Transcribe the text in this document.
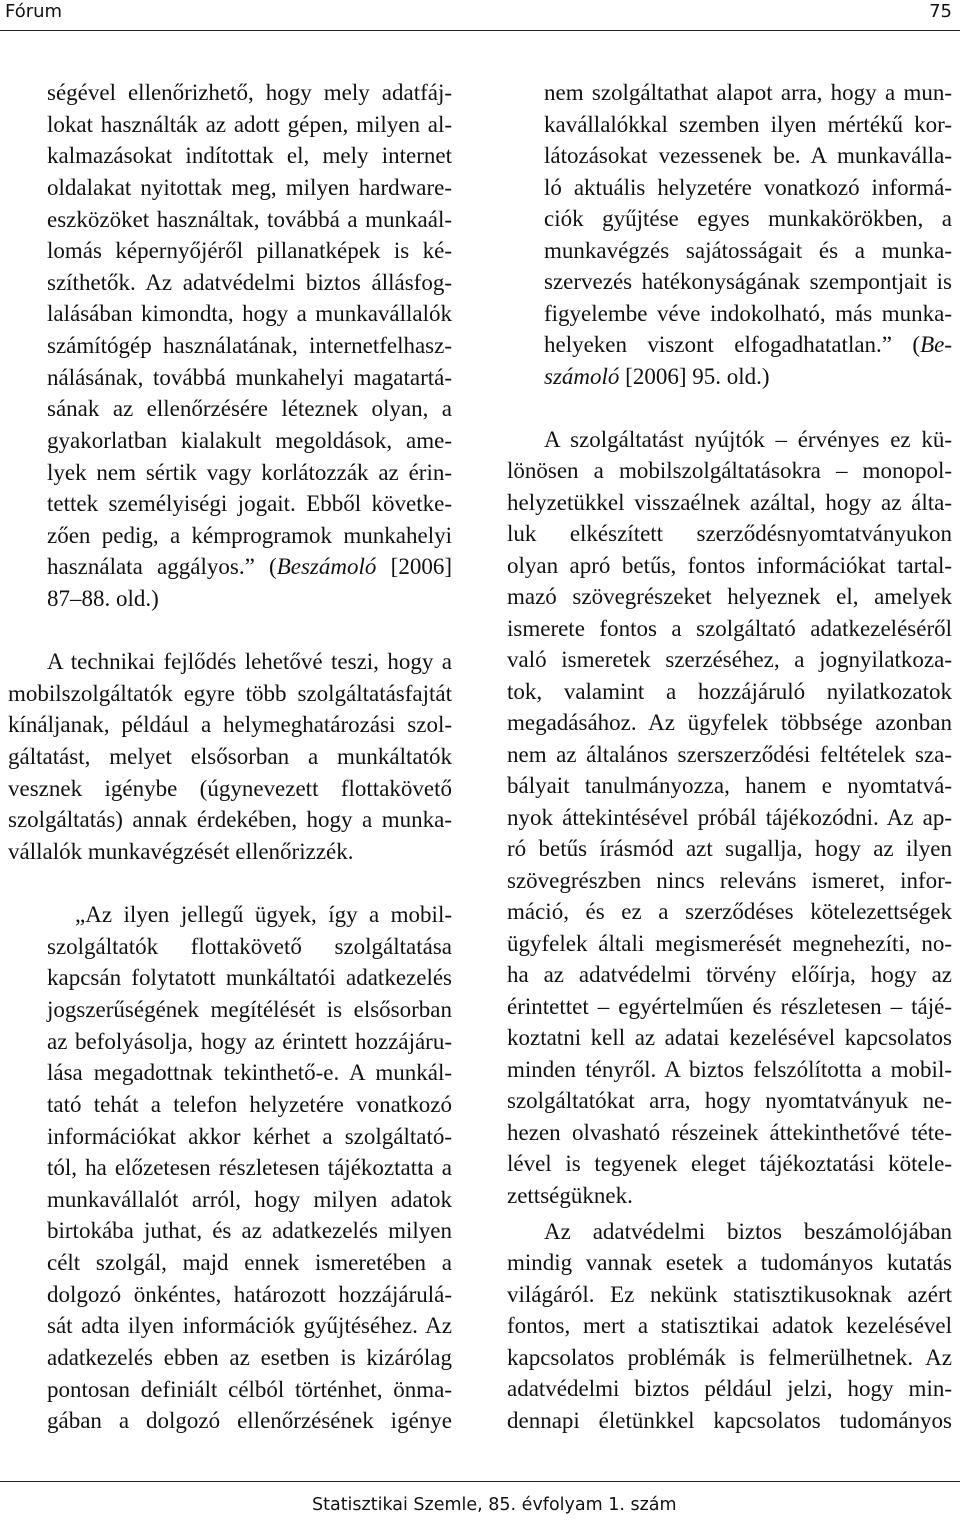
Fórum	75
ségével ellenőrizhető, hogy mely adatfáj-
lokat használták az adott gépen, milyen al-
kalmazásokat indítottak el, mely internet
oldalakat nyitottak meg, milyen hardware-
eszközöket használtak, továbbá a munkaál-
lomás képernyőjéről pillanatképek is ké-
szíthetők. Az adatvédelmi biztos állásfog-
lalásában kimondta, hogy a munkavállalók
számítógép használatának, internetfelhasz-
nálásának, továbbá munkahelyi magatartá-
sának az ellenőrzésére léteznek olyan, a
gyakorlatban kialakult megoldások, ame-
lyek nem sértik vagy korlátozzák az érin-
tettek személyiségi jogait. Ebből követke-
zően pedig, a kémprogramok munkahelyi
használata aggályos.” (Beszámoló [2006]
87–88. old.)
A technikai fejlődés lehetővé teszi, hogy a
mobilszolgáltatók egyre több szolgáltatásfajtát
kínáljanak, például a helymeghatározási szol-
gáltatást, melyet elsősorban a munkáltatók
vesznek igénybe (úgynevezett flottakövető
szolgáltatás) annak érdekében, hogy a munka-
vállalók munkavégzését ellenőrizzék.
„Az ilyen jellegű ügyek, így a mobil-
szolgáltatók flottakövető szolgáltatása
kapcsán folytatott munkáltatói adatkezelés
jogszerűségének megítélését is elsősorban
az befolyásolja, hogy az érintett hozzájáru-
lása megadottnak tekinthető-e. A munkál-
tató tehát a telefon helyzetére vonatkozó
információkat akkor kérhet a szolgáltató-
tól, ha előzetesen részletesen tájékoztatta a
munkavállalót arról, hogy milyen adatok
birtokába juthat, és az adatkezelés milyen
célt szolgál, majd ennek ismeretében a
dolgozó önkéntes, határozott hozzájárulá-
sát adta ilyen információk gyűjtéséhez. Az
adatkezelés ebben az esetben is kizárólag
pontosan definiált célból történhet, önma-
gában a dolgozó ellenőrzésének igénye
nem szolgáltathat alapot arra, hogy a mun-
kavállalókkal szemben ilyen mértékű kor-
látozásokat vezessenek be. A munkaválla-
ló aktuális helyzetére vonatkozó informá-
ciók gyűjtése egyes munkakörökben, a
munkavégzés sajátosságait és a munka-
szervezés hatékonyságának szempontjait is
figyelembe véve indokolható, más munka-
helyeken viszont elfogadhatatlan.” (Be-
számoló [2006] 95. old.)
A szolgáltatást nyújtók – érvényes ez kü-
lönösen a mobilszolgáltatásokra – monopol-
helyzetükkel visszaélnek azáltal, hogy az álta-
luk elkészített szerződésnyomtatványukon
olyan apró betűs, fontos információkat tartal-
mazó szövegrészeket helyeznek el, amelyek
ismerete fontos a szolgáltató adatkezeléséről
való ismeretek szerzéséhez, a jognyilatkoza-
tok, valamint a hozzájáruló nyilatkozatok
megadásához. Az ügyfelek többsége azonban
nem az általános szerszerződési feltételek sza-
bályait tanulmányozza, hanem e nyomtatvá-
nyok áttekintésével próbál tájékozódni. Az ap-
ró betűs írásmód azt sugallja, hogy az ilyen
szövegrészben nincs releváns ismeret, infor-
máció, és ez a szerződéses kötelezettségek
ügyfelek általi megismerését megnehezíti, no-
ha az adatvédelmi törvény előírja, hogy az
érintettet – egyértelműen és részletesen – tájé-
koztatni kell az adatai kezelésével kapcsolatos
minden tényről. A biztos felszólította a mobil-
szolgáltatókat arra, hogy nyomtatványuk ne-
hezen olvasható részeinek áttekinthetővé téte-
lével is tegyenek eleget tájékoztatási kötele-
zettségüknek.
Az adatvédelmi biztos beszámolójában
mindig vannak esetek a tudományos kutatás
világáról. Ez nekünk statisztikusoknak azért
fontos, mert a statisztikai adatok kezelésével
kapcsolatos problémák is felmerülhetnek. Az
adatvédelmi biztos például jelzi, hogy min-
dennapi életünkkel kapcsolatos tudományos
Statisztikai Szemle, 85. évfolyam 1. szám
